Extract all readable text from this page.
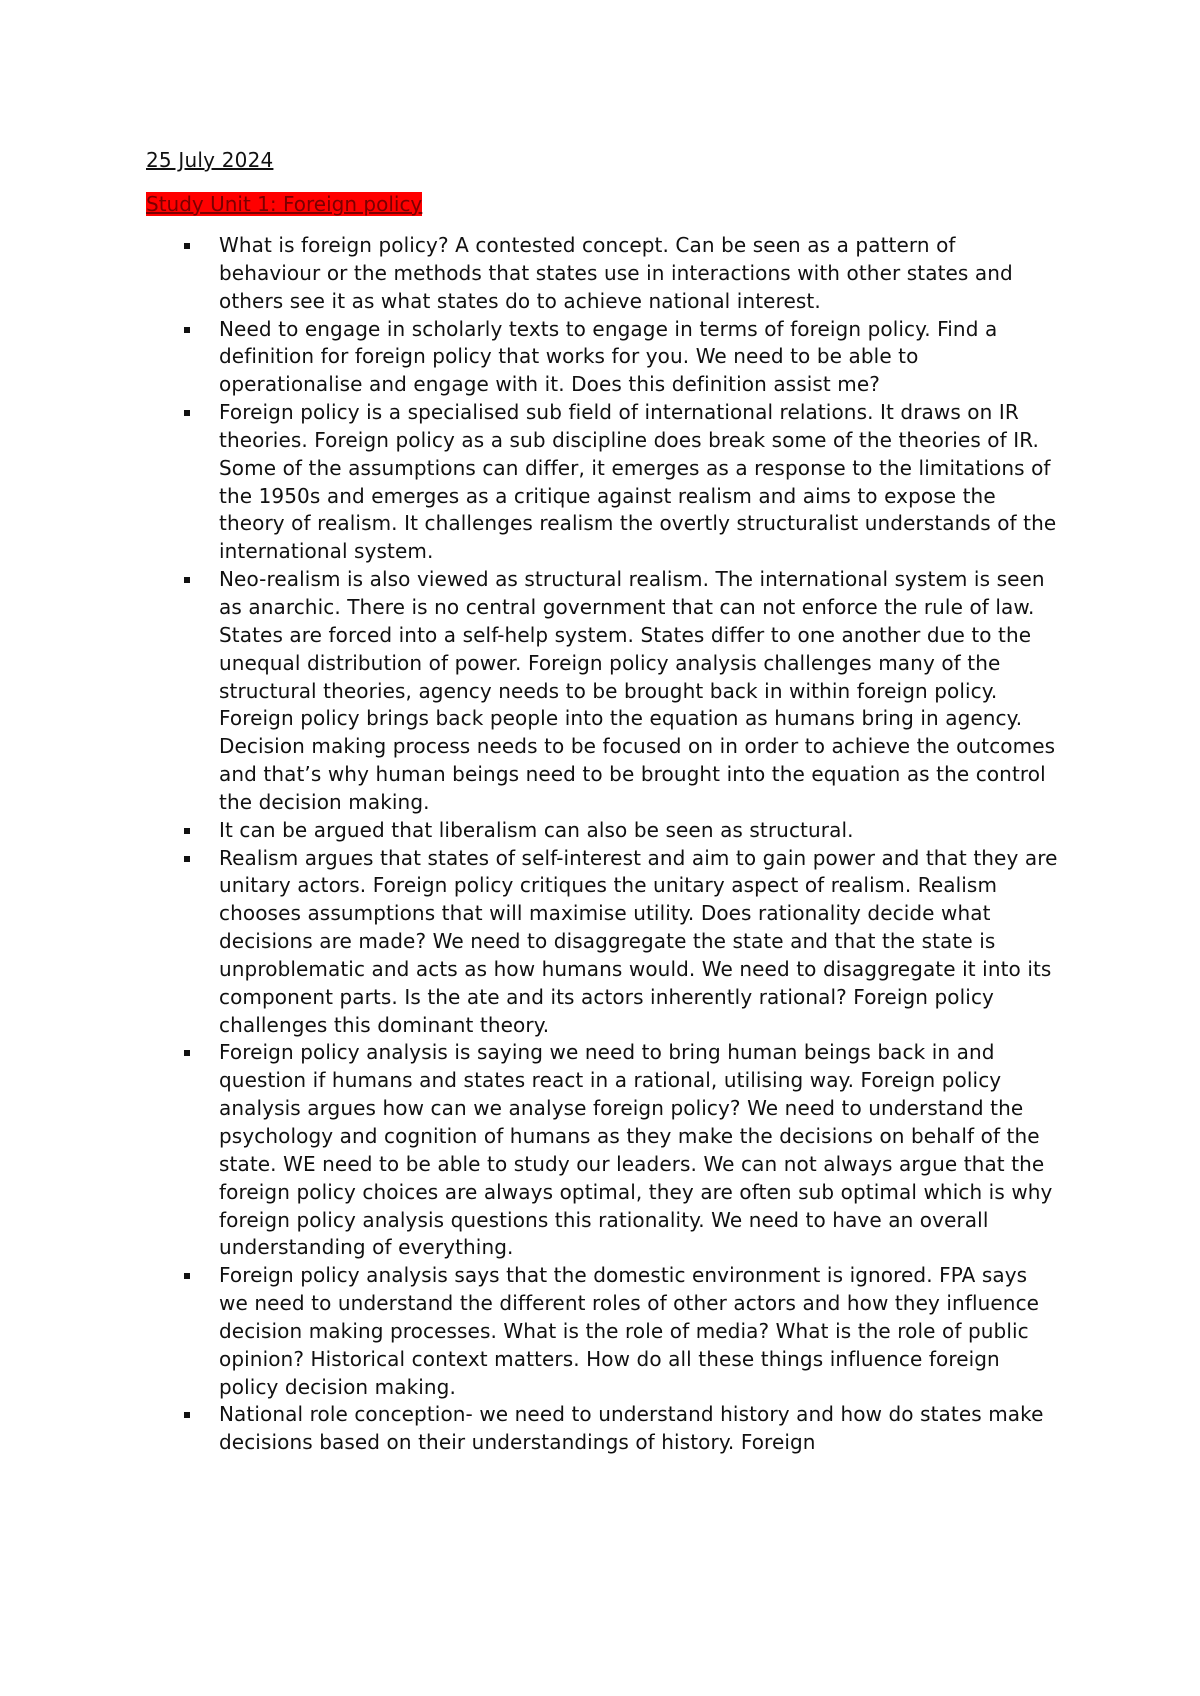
25 July 2024
Study Unit 1: Foreign policy
What is foreign policy? A contested concept. Can be seen as a pattern of behaviour or the methods that states use in interactions with other states and others see it as what states do to achieve national interest.
Need to engage in scholarly texts to engage in terms of foreign policy. Find a definition for foreign policy that works for you. We need to be able to operationalise and engage with it. Does this definition assist me?
Foreign policy is a specialised sub field of international relations. It draws on IR theories. Foreign policy as a sub discipline does break some of the theories of IR. Some of the assumptions can differ, it emerges as a response to the limitations of the 1950s and emerges as a critique against realism and aims to expose the theory of realism. It challenges realism the overtly structuralist understands of the international system.
Neo-realism is also viewed as structural realism. The international system is seen as anarchic. There is no central government that can not enforce the rule of law. States are forced into a self-help system. States differ to one another due to the unequal distribution of power. Foreign policy analysis challenges many of the structural theories, agency needs to be brought back in within foreign policy. Foreign policy brings back people into the equation as humans bring in agency. Decision making process needs to be focused on in order to achieve the outcomes and that’s why human beings need to be brought into the equation as the control the decision making.
It can be argued that liberalism can also be seen as structural.
Realism argues that states of self-interest and aim to gain power and that they are unitary actors. Foreign policy critiques the unitary aspect of realism. Realism chooses assumptions that will maximise utility. Does rationality decide what decisions are made? We need to disaggregate the state and that the state is unproblematic and acts as how humans would. We need to disaggregate it into its component parts. Is the ate and its actors inherently rational? Foreign policy challenges this dominant theory.
Foreign policy analysis is saying we need to bring human beings back in and question if humans and states react in a rational, utilising way. Foreign policy analysis argues how can we analyse foreign policy? We need to understand the psychology and cognition of humans as they make the decisions on behalf of the state. WE need to be able to study our leaders. We can not always argue that the foreign policy choices are always optimal, they are often sub optimal which is why foreign policy analysis questions this rationality. We need to have an overall understanding of everything.
Foreign policy analysis says that the domestic environment is ignored. FPA says we need to understand the different roles of other actors and how they influence decision making processes. What is the role of media? What is the role of public opinion? Historical context matters. How do all these things influence foreign policy decision making.
National role conception- we need to understand history and how do states make decisions based on their understandings of history. Foreign
